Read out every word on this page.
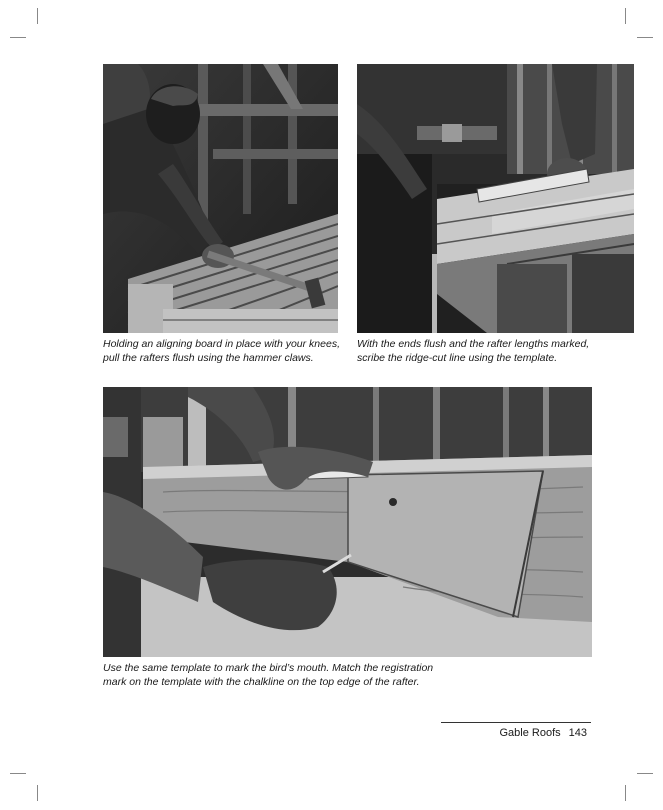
Holding an aligning board in place with your knees,
pull the rafters flush using the hammer claws.
With the ends flush and the rafter lengths marked,
scribe the ridge-cut line using the template.
Use the same template to mark the bird’s mouth. Match the registration
mark on the template with the chalkline on the top edge of the rafter.
Gable Roofs 143
